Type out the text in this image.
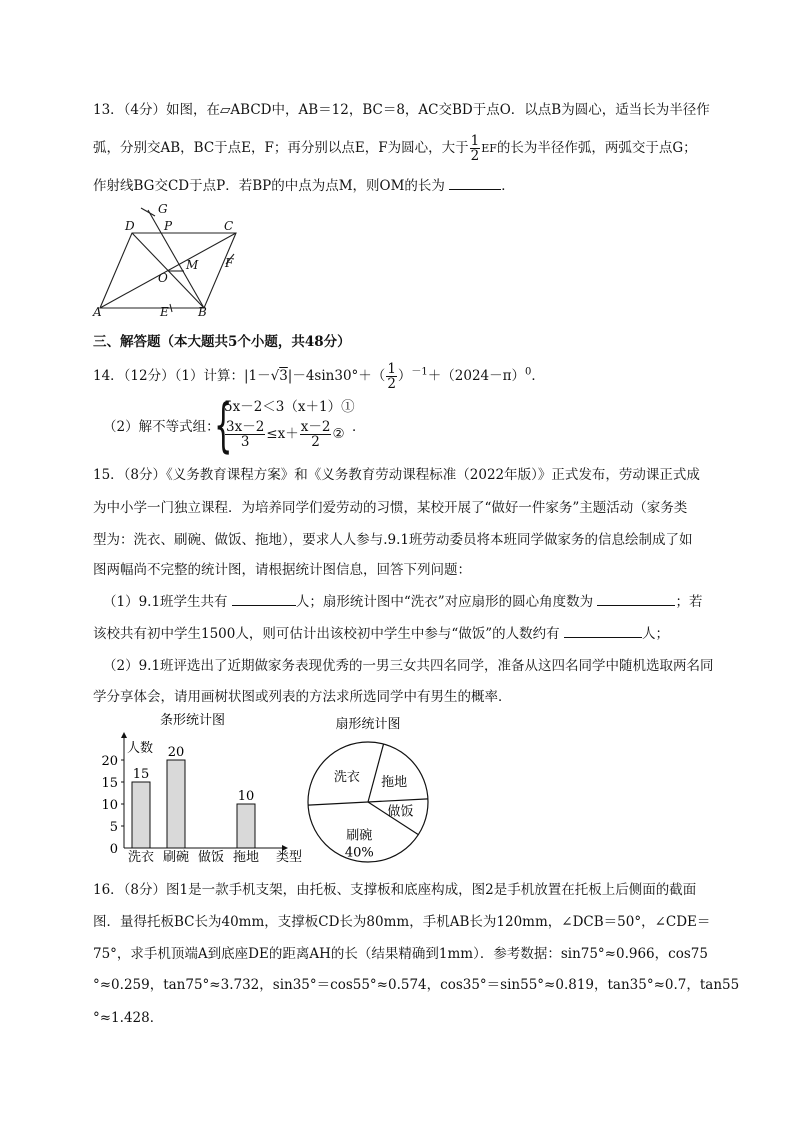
13．（4分）如图，在▱ABCD中，AB＝12，BC＝8，AC交BD于点O．以点B为圆心，适当长为半径作
弧，分别交AB，BC于点E，F；再分别以点E，F为圆心，大于 $\frac{1}{2}$ EF的长为半径作弧，两弧交于点G；
作射线BG交CD于点P．若BP的中点为点M，则OM的长为	．
G
D P	C
M F
O
A	E B
三、解答题（本大题共5个小题，共48分）
14．（12分）（1）计算：$|1-√3|-4\sin 30^\circ+( \frac{1}{2} )^{-1}+(2024-\pi)^0$．
（2）解不等式组：
{
5x－2＜3（x＋1）①
$\frac{3x-2}{3} \le x+ \frac{x-2}{2}$ ② ．
15．（8分）《义务教育课程方案》和《义务教育劳动课程标准（2022年版）》正式发布，劳动课正式成
为中小学一门独立课程．为培养同学们爱劳动的习惯，某校开展了“做好一件家务”主题活动（家务类
型为：洗衣、刷碗、做饭、拖地），要求人人参与.9.1班劳动委员将本班同学做家务的信息绘制成了如
图两幅尚不完整的统计图，请根据统计图信息，回答下列问题：
（1）9.1班学生共有	人；扇形统计图中“洗衣”对应扇形的圆心角度数为	；若
该校共有初中学生1500人，则可估计出该校初中学生中参与“做饭”的人数约有	人；
（2）9.1班评选出了近期做家务表现优秀的一男三女共四名同学，准备从这四名同学中随机选取两名同
学分享体会，请用画树状图或列表的方法求所选同学中有男生的概率．
条形统计图
人数
类型
0
5
10
15
20
洗衣
15
刷碗
20
做饭 拖地
10
扇形统计图
拖地
做饭
刷碗
40%
洗衣
16．（8分）图1是一款手机支架，由托板、支撑板和底座构成，图2是手机放置在托板上后侧面的截面
图．量得托板BC长为40mm，支撑板CD长为80mm，手机AB长为120mm，∠DCB＝50°，∠CDE＝
75°，求手机顶端A到底座DE的距离AH的长（结果精确到1mm）．参考数据：sin75°≈0.966，cos75
°≈0.259，tan75°≈3.732，sin35°＝cos55°≈0.574，cos35°＝sin55°≈0.819，tan35°≈0.7，tan55
°≈1.428．
